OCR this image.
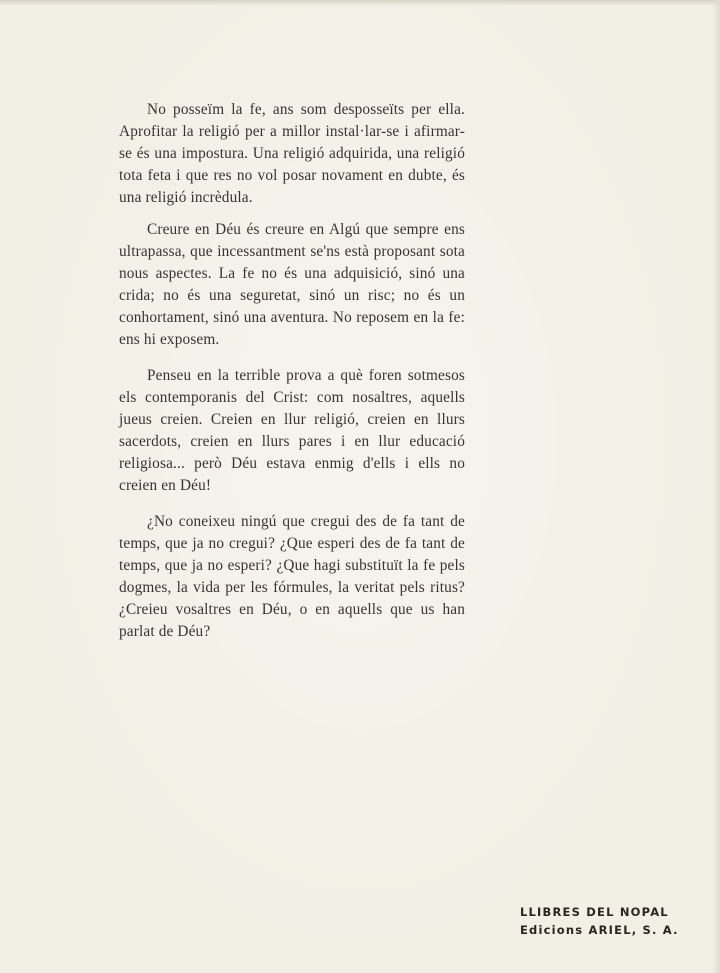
No posseïm la fe, ans som desposseïts per ella. Aprofitar la religió per a millor instal·lar-se i afirmar-se és una impostura. Una religió adquirida, una religió tota feta i que res no vol posar novament en dubte, és una religió incrèdula.

Creure en Déu és creure en Algú que sempre ens ultrapassa, que incessantment se'ns està proposant sota nous aspectes. La fe no és una adquisició, sinó una crida; no és una seguretat, sinó un risc; no és un conhortament, sinó una aventura. No reposem en la fe: ens hi exposem.

Penseu en la terrible prova a què foren sotmesos els contemporanis del Crist: com nosaltres, aquells jueus creien. Creien en llur religió, creien en llurs sacerdots, creien en llurs pares i en llur educació religiosa... però Déu estava enmig d'ells i ells no creien en Déu!

¿No coneixeu ningú que cregui des de fa tant de temps, que ja no cregui? ¿Que esperi des de fa tant de temps, que ja no esperi? ¿Que hagi substituït la fe pels dogmes, la vida per les fórmules, la veritat pels ritus? ¿Creieu vosaltres en Déu, o en aquells que us han parlat de Déu?

LLIBRES DEL NOPAL
Edicions ARIEL, S. A.
